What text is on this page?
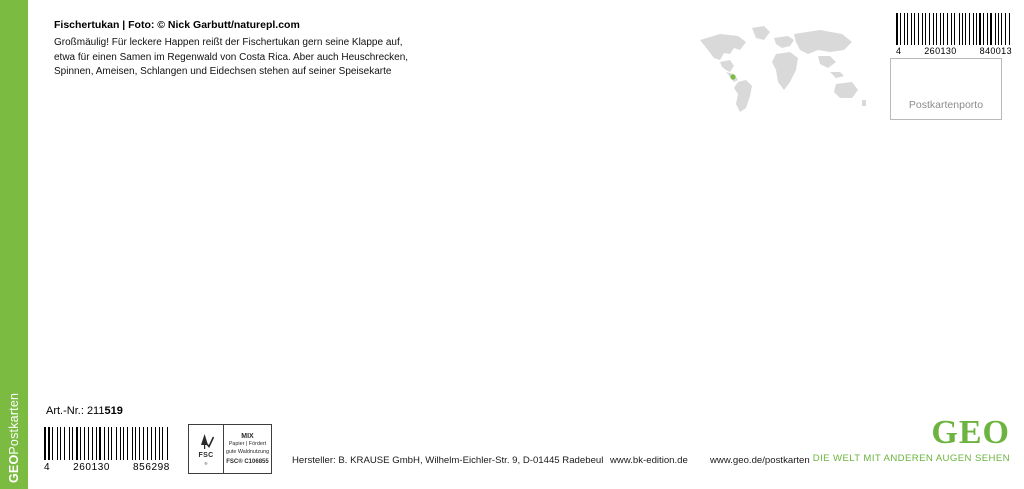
GEO
Postkarten
Fischertukan | Foto: © Nick Garbutt/naturepl.com
Großmäulig! Für leckere Happen reißt der Fischertukan gern seine Klappe auf,
etwa für einen Samen im Regenwald von Costa Rica. Aber auch Heuschrecken,
Spinnen, Ameisen, Schlangen und Eidechsen stehen auf seiner Speisekarte
4	260130	840013
Postkartenporto
Art.-Nr.: 211519
4 260130 856298
FSC
®
MIX
Papier | Fördert
gute Waldnutzung
FSC® C106855 Hersteller: B. KRAUSE GmbH, Wilhelm-Eichler-Str. 9, D-01445 Radebeul www.bk-edition.de www.geo.de/postkarten
GEO
DIE WELT MIT ANDEREN AUGEN SEHEN
